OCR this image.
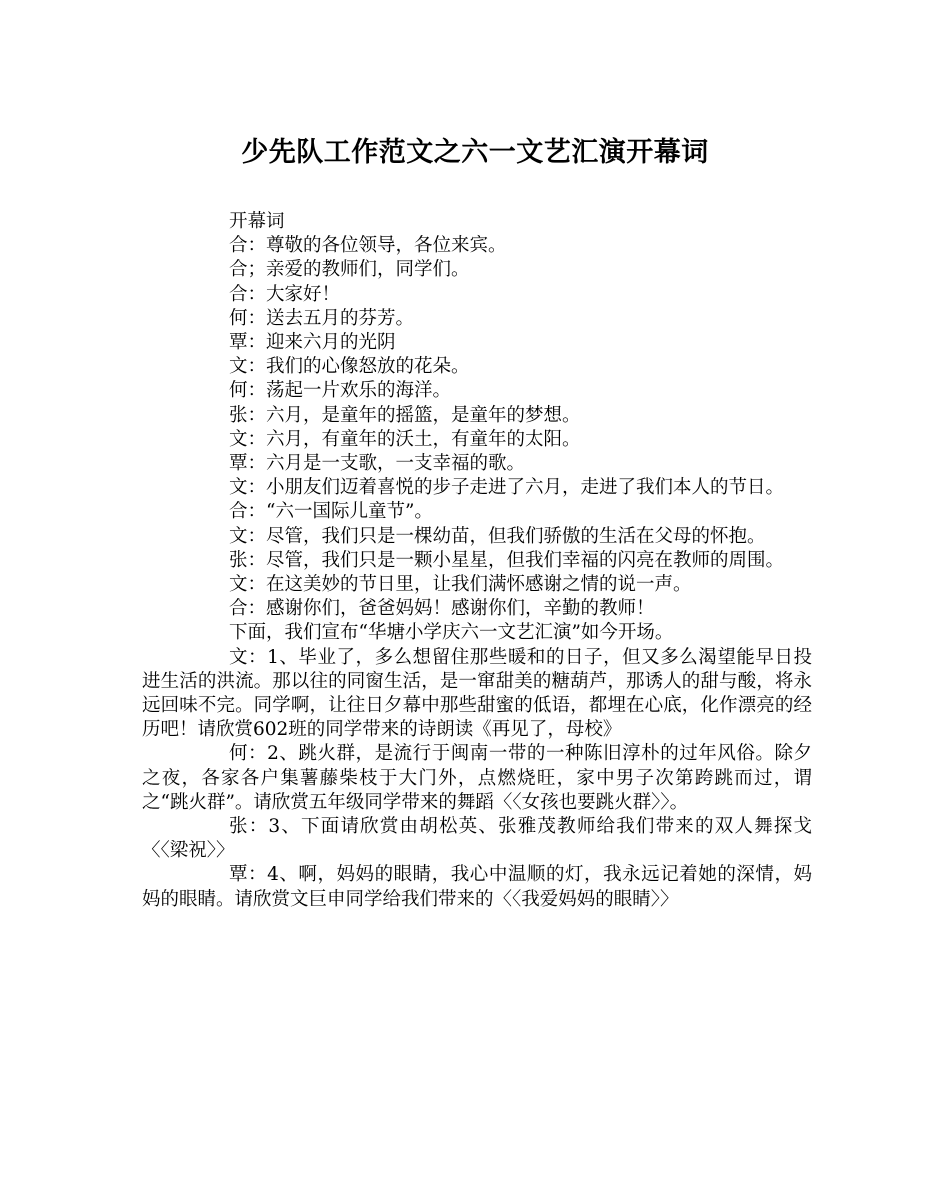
少先队工作范文之六一文艺汇演开幕词

开幕词

合：尊敬的各位领导，各位来宾。

合；亲爱的教师们，同学们。

合：大家好！

何：送去五月的芬芳。

覃：迎来六月的光阴

文：我们的心像怒放的花朵。

何：荡起一片欢乐的海洋。

张：六月，是童年的摇篮，是童年的梦想。

文：六月，有童年的沃土，有童年的太阳。

覃：六月是一支歌，一支幸福的歌。

文：小朋友们迈着喜悦的步子走进了六月，走进了我们本人的节日。

合：“六一国际儿童节”。

文：尽管，我们只是一棵幼苗，但我们骄傲的生活在父母的怀抱。

张：尽管，我们只是一颗小星星，但我们幸福的闪亮在教师的周围。

文：在这美妙的节日里，让我们满怀感谢之情的说一声。

合：感谢你们，爸爸妈妈！感谢你们，辛勤的教师！

下面，我们宣布“华塘小学庆六一文艺汇演”如今开场。

文：1、毕业了，多么想留住那些暖和的日子，但又多么渴望能早日投进生活的洪流。那以往的同窗生活，是一窜甜美的糖葫芦，那诱人的甜与酸，将永远回味不完。同学啊，让往日夕幕中那些甜蜜的低语，都埋在心底，化作漂亮的经历吧！请欣赏602班的同学带来的诗朗读《再见了，母校》

何：2、跳火群，是流行于闽南一带的一种陈旧淳朴的过年风俗。除夕之夜，各家各户集薯藤柴枝于大门外，点燃烧旺，家中男子次第跨跳而过，谓之“跳火群”。请欣赏五年级同学带来的舞蹈〈〈女孩也要跳火群〉〉。

张：3、下面请欣赏由胡松英、张雅茂教师给我们带来的双人舞探戈〈〈梁祝〉〉

覃：4、啊，妈妈的眼睛，我心中温顺的灯，我永远记着她的深情，妈妈的眼睛。请欣赏文巨申同学给我们带来的〈〈我爱妈妈的眼睛〉〉
